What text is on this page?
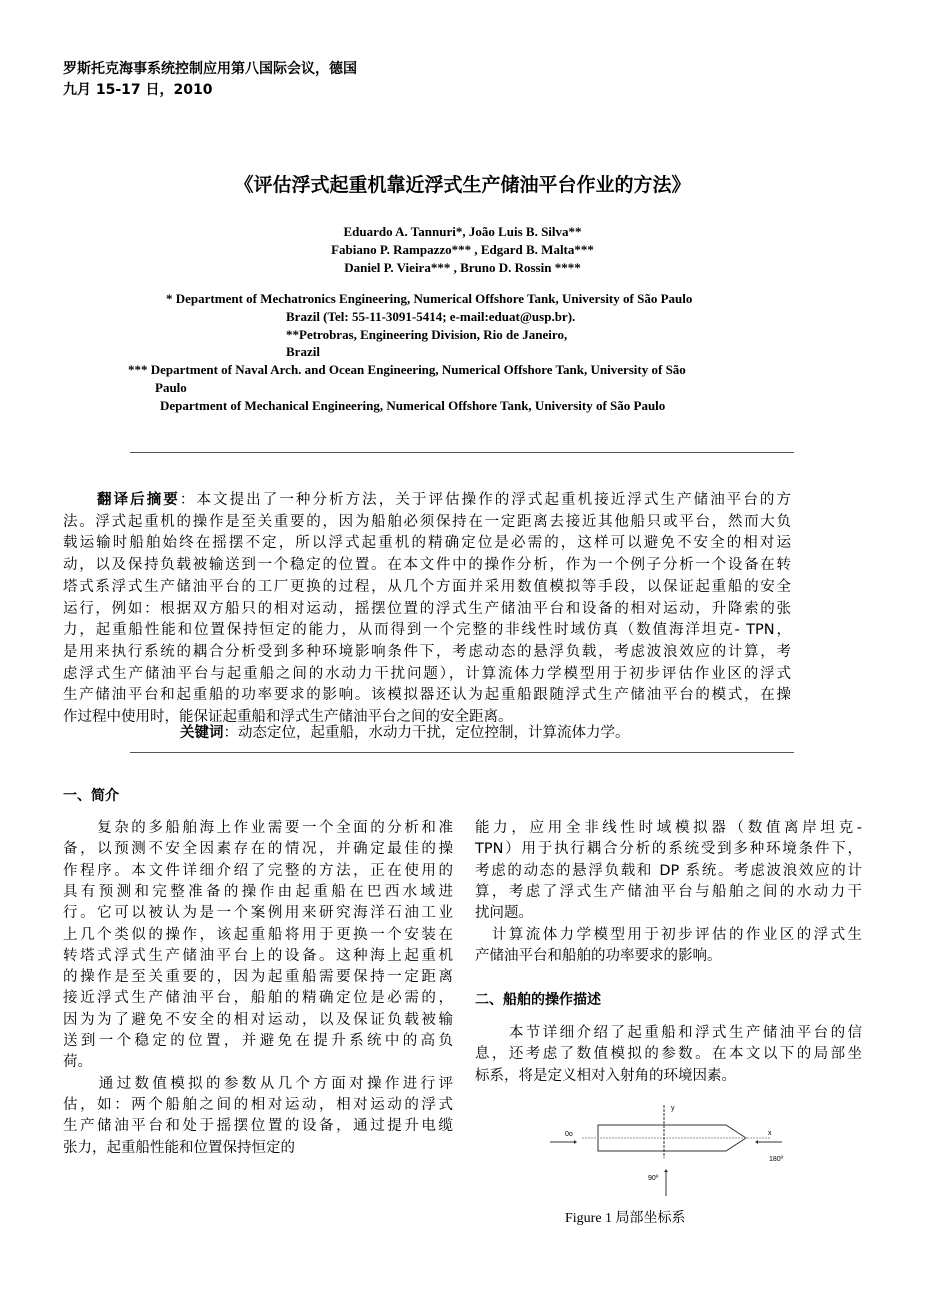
罗斯托克海事系统控制应用第八国际会议，德国
九月 15-17 日，2010
《评估浮式起重机靠近浮式生产储油平台作业的方法》
Eduardo A. Tannuri*, João Luis B. Silva**
Fabiano P. Rampazzo*** , Edgard B. Malta***
Daniel P. Vieira*** , Bruno D. Rossin ****
* Department of Mechatronics Engineering, Numerical Offshore Tank, University of São Paulo
Brazil (Tel: 55-11-3091-5414; e-mail:eduat@usp.br).
**Petrobras, Engineering Division, Rio de Janeiro,
Brazil
*** Department of Naval Arch. and Ocean Engineering, Numerical Offshore Tank, University of São
Paulo
Department of Mechanical Engineering, Numerical Offshore Tank, University of São Paulo
翻译后摘要：本文提出了一种分析方法，关于评估操作的浮式起重机接近浮式生产储油平台的方
法。浮式起重机的操作是至关重要的，因为船舶必须保持在一定距离去接近其他船只或平台，然而大负
载运输时船舶始终在摇摆不定，所以浮式起重机的精确定位是必需的，这样可以避免不安全的相对运
动，以及保持负载被输送到一个稳定的位置。在本文件中的操作分析，作为一个例子分析一个设备在转
塔式系浮式生产储油平台的工厂更换的过程，从几个方面并采用数值模拟等手段，以保证起重船的安全
运行，例如：根据双方船只的相对运动，摇摆位置的浮式生产储油平台和设备的相对运动，升降索的张
力，起重船性能和位置保持恒定的能力，从而得到一个完整的非线性时域仿真（数值海洋坦克- TPN，
是用来执行系统的耦合分析受到多种环境影响条件下，考虑动态的悬浮负载，考虑波浪效应的计算，考
虑浮式生产储油平台与起重船之间的水动力干扰问题），计算流体力学模型用于初步评估作业区的浮式
生产储油平台和起重船的功率要求的影响。该模拟器还认为起重船跟随浮式生产储油平台的模式，在操
作过程中使用时，能保证起重船和浮式生产储油平台之间的安全距离。
关键词：动态定位，起重船，水动力干扰，定位控制，计算流体力学。
一、简介
　　复杂的多船舶海上作业需要一个全面的分析和准
备，以预测不安全因素存在的情况，并确定最佳的操
作程序。本文件详细介绍了完整的方法，正在使用的
具有预测和完整准备的操作由起重船在巴西水域进
行。它可以被认为是一个案例用来研究海洋石油工业
上几个类似的操作，该起重船将用于更换一个安装在
转塔式浮式生产储油平台上的设备。这种海上起重机
的操作是至关重要的，因为起重船需要保持一定距离
接近浮式生产储油平台，船舶的精确定位是必需的，
因为为了避免不安全的相对运动，以及保证负载被输
送到一个稳定的位置，并避免在提升系统中的高负
荷。
　　通过数值模拟的参数从几个方面对操作进行评
估，如：两个船舶之间的相对运动，相对运动的浮式
生产储油平台和处于摇摆位置的设备，通过提升电缆
张力，起重船性能和位置保持恒定的
能力，应用全非线性时域模拟器（数值离岸坦克-
TPN）用于执行耦合分析的系统受到多种环境条件下，
考虑的动态的悬浮负载和 DP 系统。考虑波浪效应的计
算，考虑了浮式生产储油平台与船舶之间的水动力干
扰问题。
　计算流体力学模型用于初步评估的作业区的浮式生
产储油平台和船舶的功率要求的影响。
二、船舶的操作描述
　　本节详细介绍了起重船和浮式生产储油平台的信
息，还考虑了数值模拟的参数。在本文以下的局部坐
标系，将是定义相对入射角的环境因素。
y
x
0o
90º
180º
Figure 1 局部坐标系
